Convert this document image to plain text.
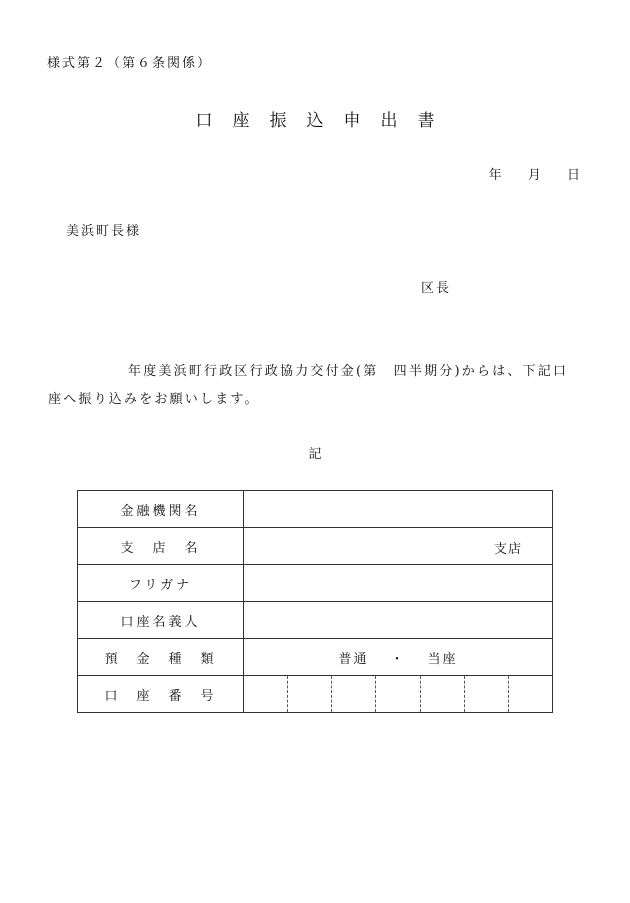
様式第２（第６条関係）
口座振込申出書
年 月 日
美浜町長様
区長
年度美浜町行政区行政協力交付金(第　四半期分)からは、下記口座へ振り込みをお願いします。
記
金融機関名	
支　店　名	支店

フリガナ	
口座名義人	
預　金　種　類	普通 ・ 当座
口　座　番　号	
